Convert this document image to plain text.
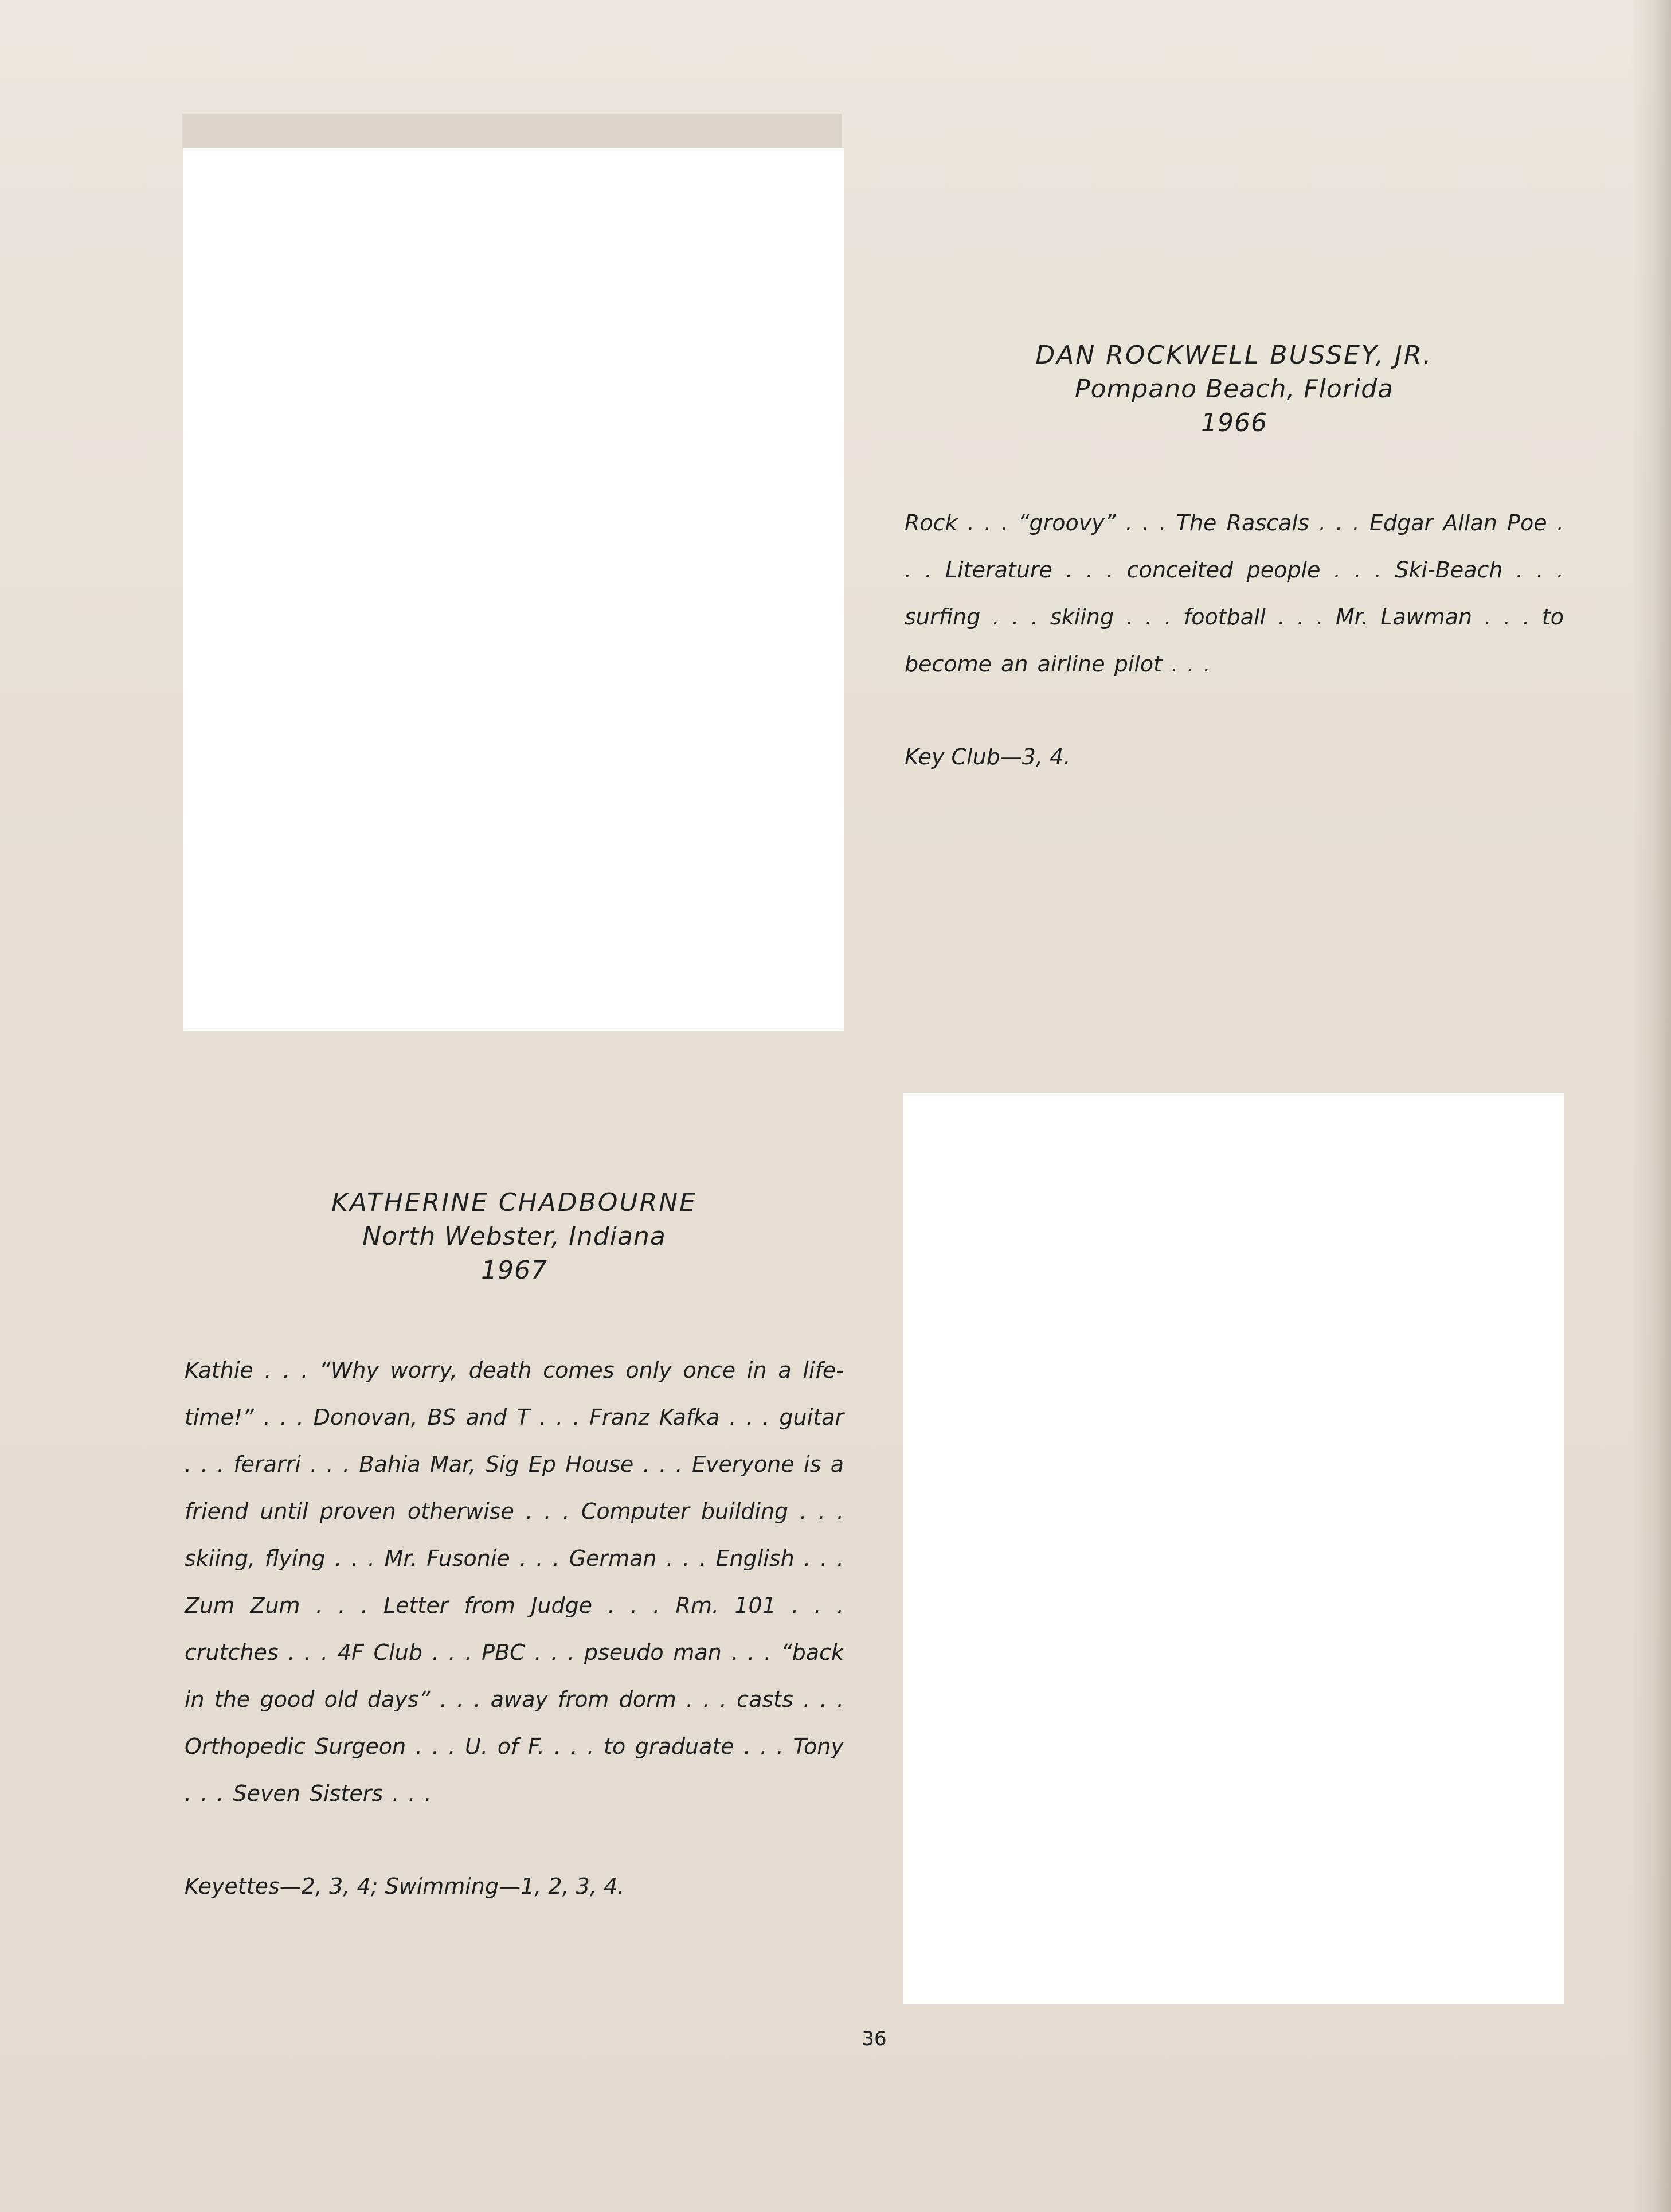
DAN ROCKWELL BUSSEY, JR.
Pompano Beach, Florida
1966
Rock . . . “groovy” . . . The Rascals . . . Edgar Allan Poe . . . Literature . . . conceited people . . . Ski-Beach . . . surfing . . . skiing . . . football . . . Mr. Lawman . . . to become an airline pilot . . .
Key Club—3, 4.
KATHERINE CHADBOURNE
North Webster, Indiana
1967
Kathie . . . “Why worry, death comes only once in a life-time!” . . . Donovan, BS and T . . . Franz Kafka . . . guitar . . . ferarri . . . Bahia Mar, Sig Ep House . . . Everyone is a friend until proven otherwise . . . Computer building . . . skiing, flying . . . Mr. Fusonie . . . German . . . English . . . Zum Zum . . . Letter from Judge . . . Rm. 101 . . . crutches . . . 4F Club . . . PBC . . . pseudo man . . . “back in the good old days” . . . away from dorm . . . casts . . . Orthopedic Surgeon . . . U. of F. . . . to graduate . . . Tony . . . Seven Sisters . . .
Keyettes—2, 3, 4; Swimming—1, 2, 3, 4.
36
